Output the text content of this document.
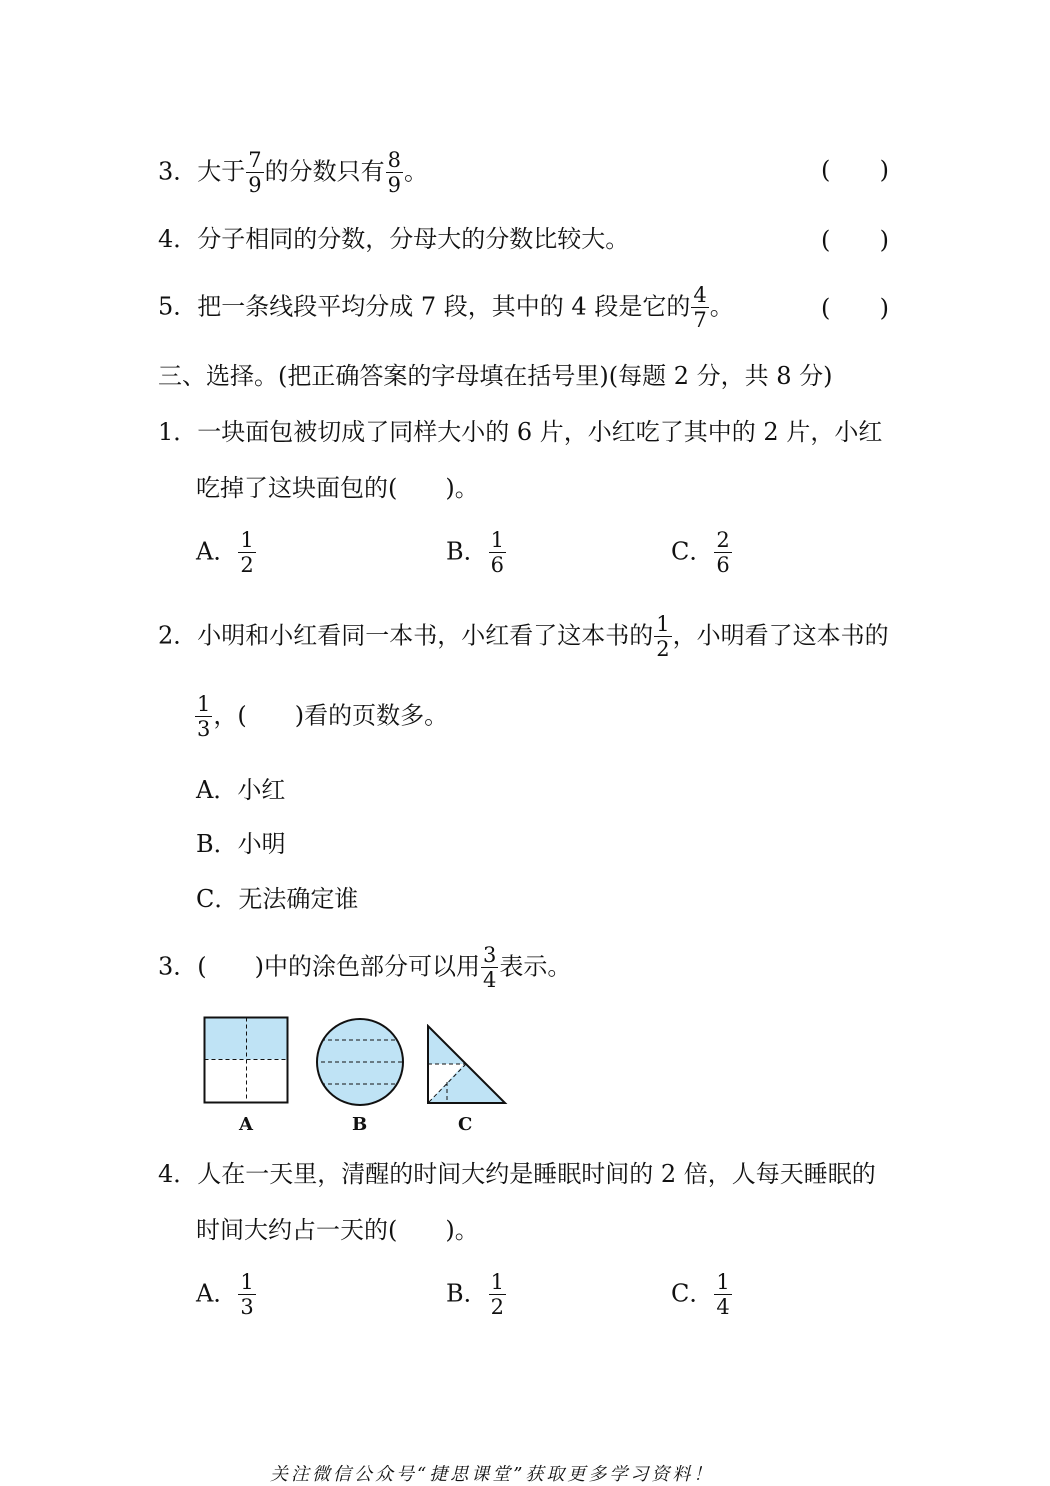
3．大于 $\frac{7}{9}$ 的分数只有 $\frac{8}{9}$ 。	( )
4．分子相同的分数，分母大的分数比较大。	( )
5．把一条线段平均分成 7 段，其中的 4 段是它的 $\frac{4}{7}$ 。	( )
三、选择。(把正确答案的字母填在括号里)(每题 2 分，共 8 分)
1．一块面包被切成了同样大小的 6 片，小红吃了其中的 2 片，小红
吃掉了这块面包的(　　)。
A． $\frac{1}{2}$	B． $\frac{1}{6}$	C． $\frac{2}{6}$
2．小明和小红看同一本书，小红看了这本书的 $\frac{1}{2}$ ，小明看了这本书的
$\frac{1}{3}$ ，(　　)看的页数多。
A．小红
B．小明
C．无法确定谁
3．(　　)中的涂色部分可以用 $\frac{3}{4}$ 表示。
A	B	C
4．人在一天里，清醒的时间大约是睡眠时间的 2 倍，人每天睡眠的
时间大约占一天的(　　)。
A． $\frac{1}{3}$	B． $\frac{1}{2}$	C． $\frac{1}{4}$
关注微信公众号“捷思课堂”获取更多学习资料！
